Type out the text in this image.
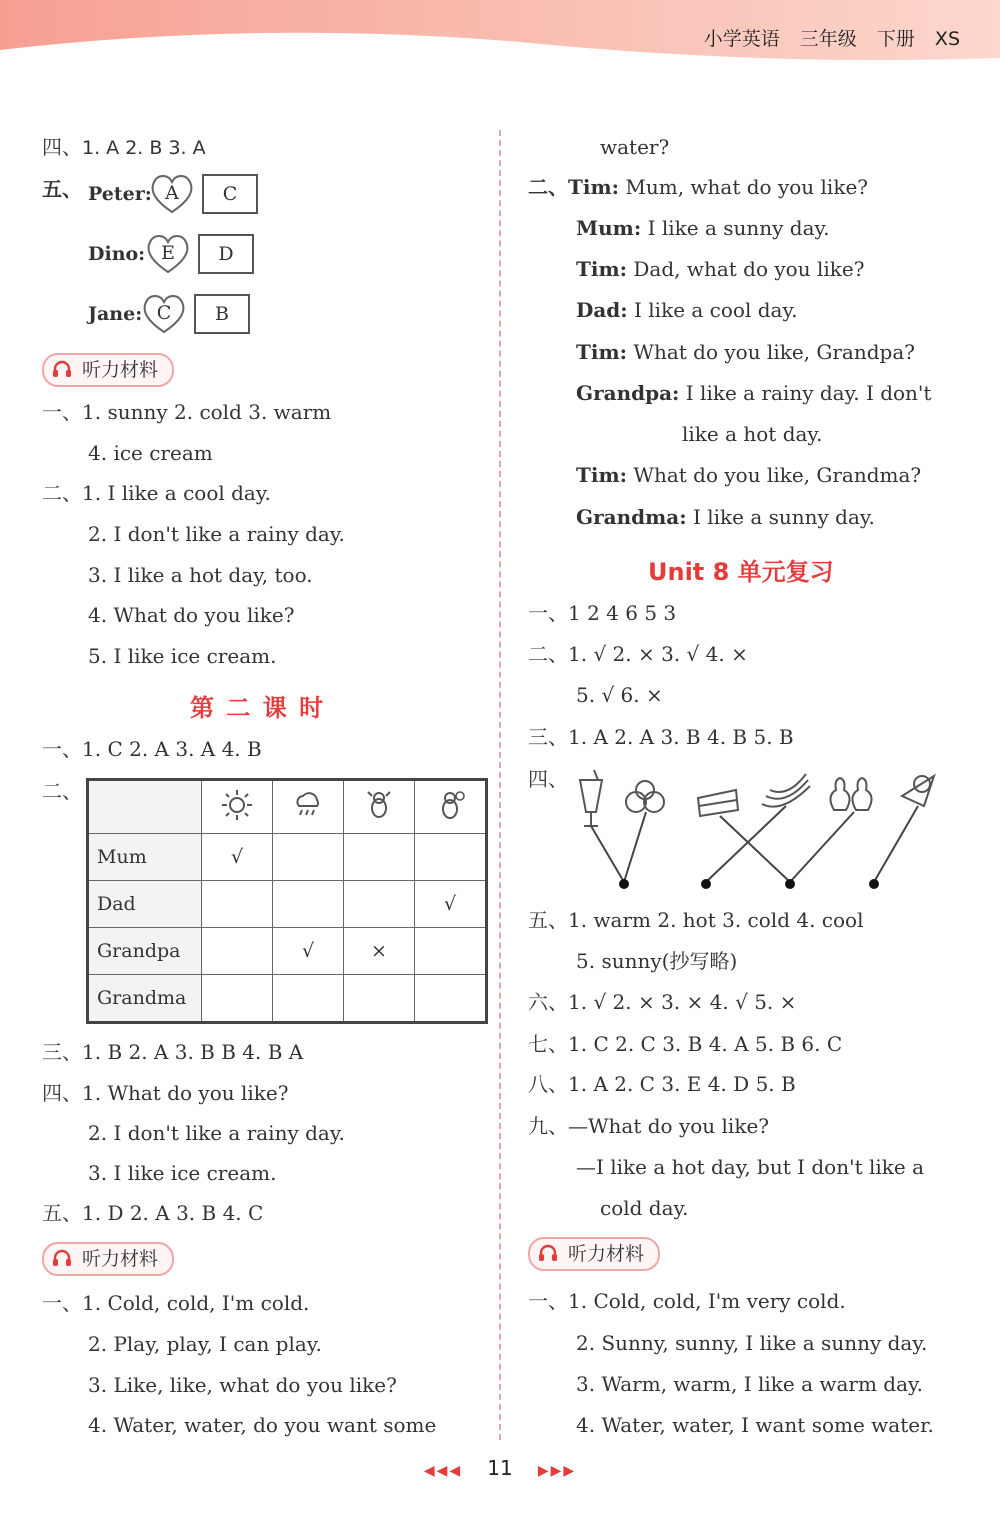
小学英语 三年级 下册 XS
四、1. A 2. B 3. A
五、 Peter: A	C
Dino: E	D
Jane: C	B
听力材料
一、1. sunny 2. cold 3. warm
4. ice cream
二、1. I like a cool day.
2. I don't like a rainy day.
3. I like a hot day, too.
4. What do you like?
5. I like ice cream.
第 二 课 时
一、1. C 2. A 3. A 4. B
二、

Mum	√			
Dad				√
Grandpa		√	×	
Grandma				
三、1. B 2. A 3. B B 4. B A
四、1. What do you like?
2. I don't like a rainy day.
3. I like ice cream.
五、1. D 2. A 3. B 4. C
听力材料
一、1. Cold, cold, I'm cold.
2. Play, play, I can play.
3. Like, like, what do you like?
4. Water, water, do you want some
water?
二、Tim: Mum, what do you like?
Mum: I like a sunny day.
Tim: Dad, what do you like?
Dad: I like a cool day.
Tim: What do you like, Grandpa?
Grandpa: I like a rainy day. I don't
like a hot day.
Tim: What do you like, Grandma?
Grandma: I like a sunny day.
Unit 8 单元复习
一、1 2 4 6 5 3
二、1. √ 2. × 3. √ 4. ×
5. √ 6. ×
三、1. A 2. A 3. B 4. B 5. B
四、
五、1. warm 2. hot 3. cold 4. cool
5. sunny(抄写略)
六、1. √ 2. × 3. × 4. √ 5. ×
七、1. C 2. C 3. B 4. A 5. B 6. C
八、1. A 2. C 3. E 4. D 5. B
九、—What do you like?
—I like a hot day, but I don't like a
cold day.
听力材料
一、1. Cold, cold, I'm very cold.
2. Sunny, sunny, I like a sunny day.
3. Warm, warm, I like a warm day.
4. Water, water, I want some water.
◀◀◀ 11 ▶▶▶
